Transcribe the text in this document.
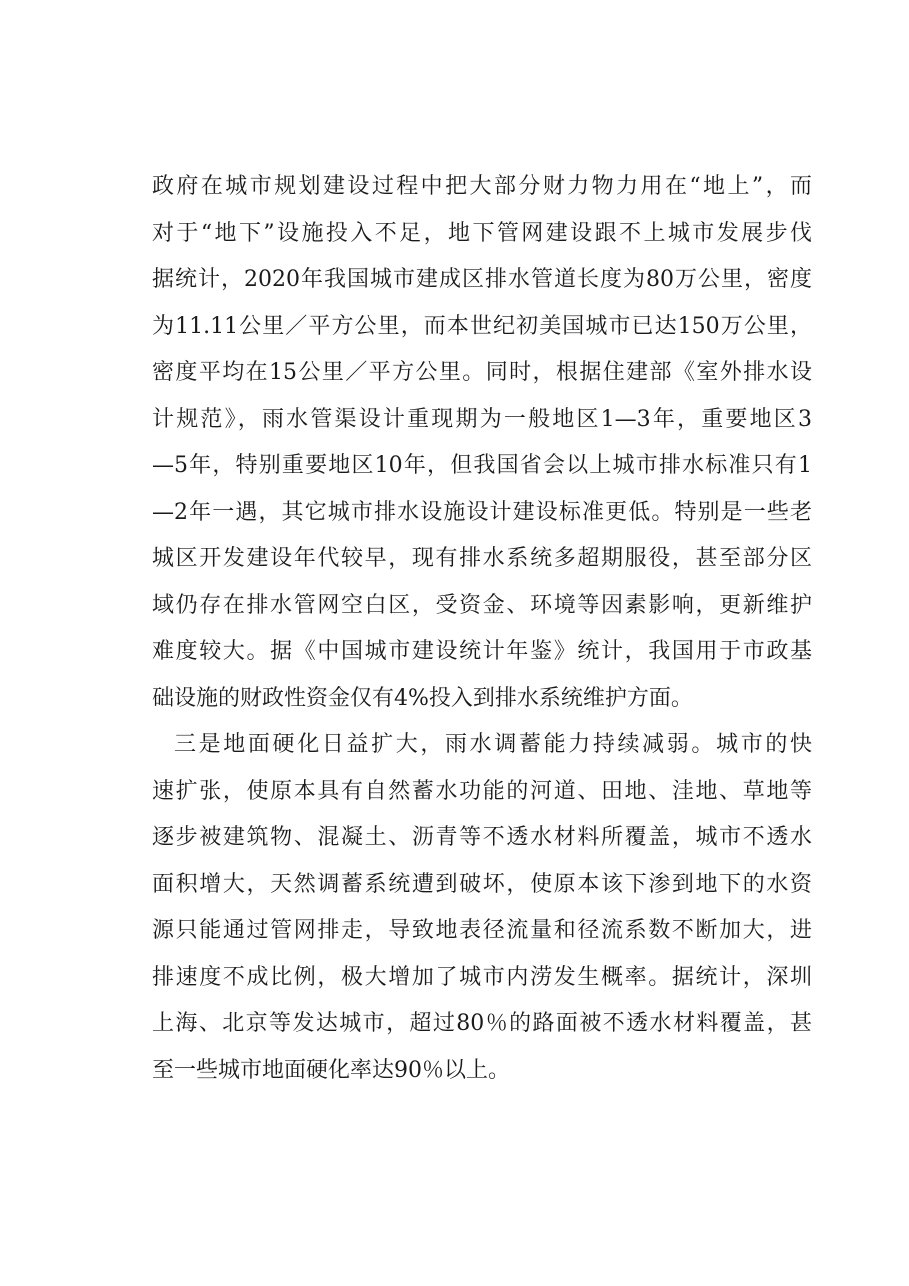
政府在城市规划建设过程中把大部分财力物力用在“地上”，而
对于“地下”设施投入不足，地下管网建设跟不上城市发展步伐
据统计，2020年我国城市建成区排水管道长度为80万公里，密度
为11.11公里／平方公里，而本世纪初美国城市已达150万公里，
密度平均在15公里／平方公里。同时，根据住建部《室外排水设
计规范》，雨水管渠设计重现期为一般地区1—3年，重要地区3
—5年，特别重要地区10年，但我国省会以上城市排水标准只有1
—2年一遇，其它城市排水设施设计建设标准更低。特别是一些老
城区开发建设年代较早，现有排水系统多超期服役，甚至部分区
域仍存在排水管网空白区，受资金、环境等因素影响，更新维护
难度较大。据《中国城市建设统计年鉴》统计，我国用于市政基
础设施的财政性资金仅有4%投入到排水系统维护方面。
三是地面硬化日益扩大，雨水调蓄能力持续减弱。城市的快
速扩张，使原本具有自然蓄水功能的河道、田地、洼地、草地等
逐步被建筑物、混凝土、沥青等不透水材料所覆盖，城市不透水
面积增大，天然调蓄系统遭到破坏，使原本该下渗到地下的水资
源只能通过管网排走，导致地表径流量和径流系数不断加大，进
排速度不成比例，极大增加了城市内涝发生概率。据统计，深圳
上海、北京等发达城市，超过80％的路面被不透水材料覆盖，甚
至一些城市地面硬化率达90％以上。
